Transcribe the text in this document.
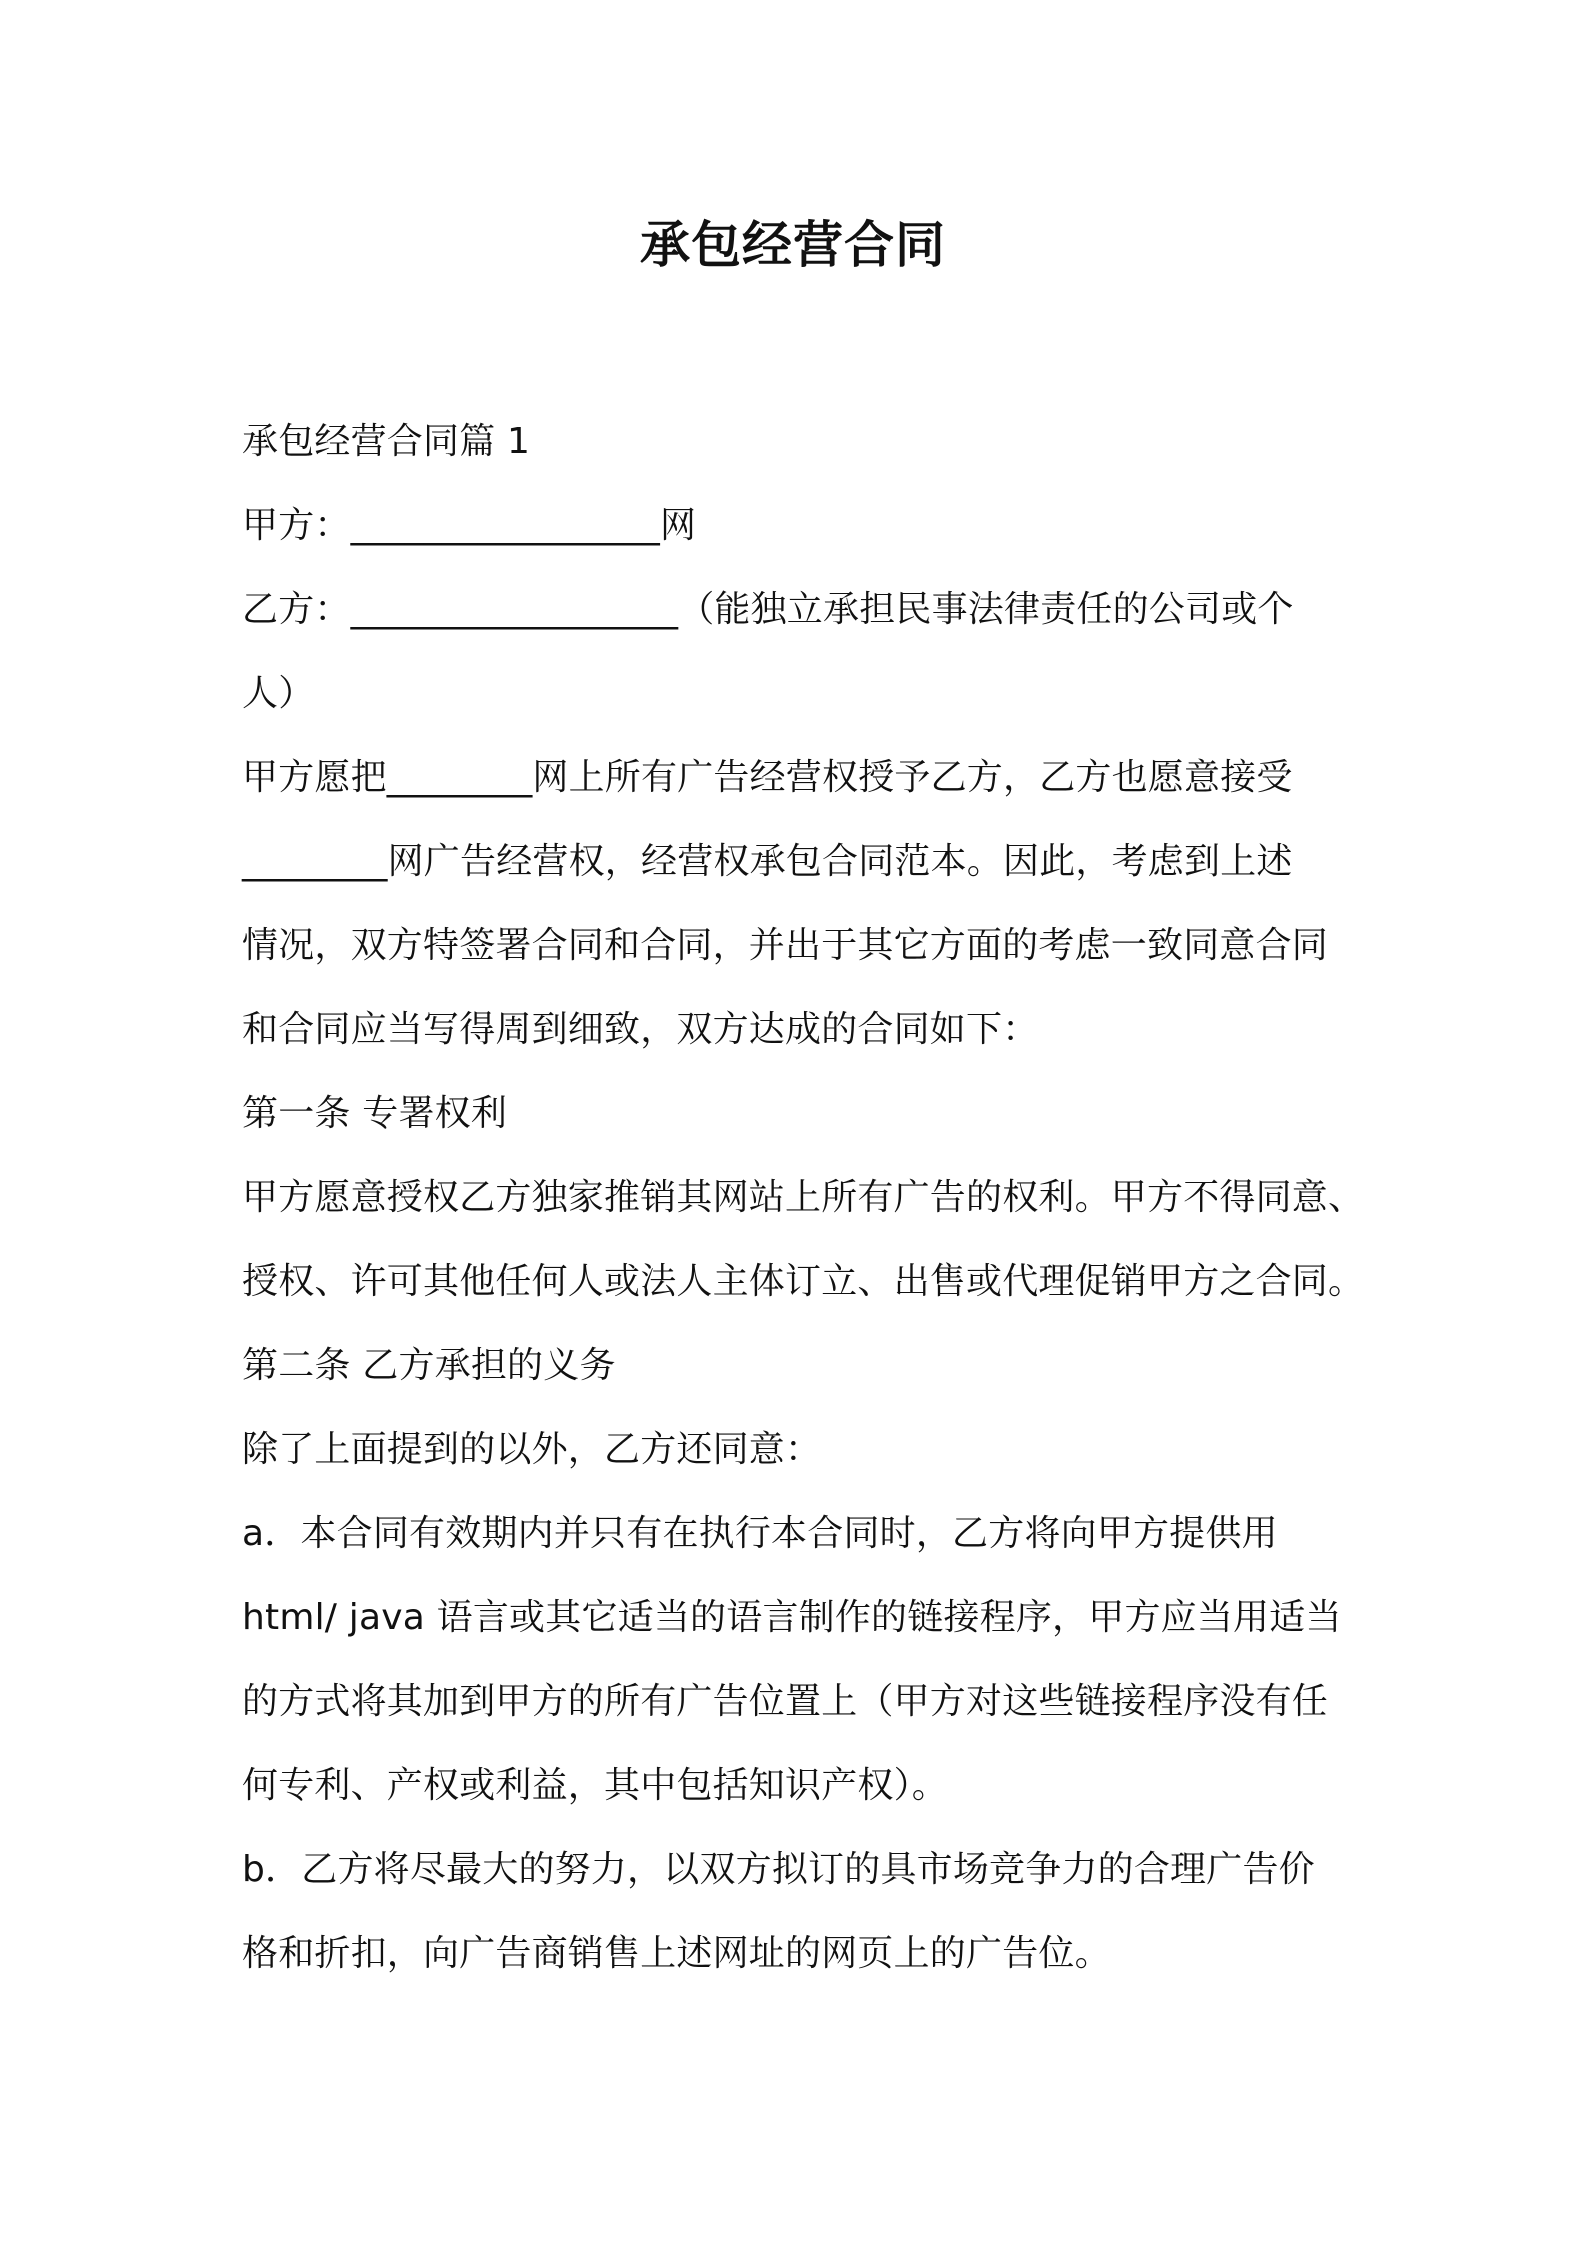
承包经营合同
承包经营合同篇 1
甲方：_________________网
乙方：__________________（能独立承担民事法律责任的公司或个
人）
甲方愿把________网上所有广告经营权授予乙方，乙方也愿意接受
________网广告经营权，经营权承包合同范本。因此，考虑到上述
情况，双方特签署合同和合同，并出于其它方面的考虑一致同意合同
和合同应当写得周到细致，双方达成的合同如下：
第一条 专署权利
甲方愿意授权乙方独家推销其网站上所有广告的权利。甲方不得同意、
授权、许可其他任何人或法人主体订立、出售或代理促销甲方之合同。
第二条 乙方承担的义务
除了上面提到的以外，乙方还同意：
a．本合同有效期内并只有在执行本合同时，乙方将向甲方提供用
html/ java 语言或其它适当的语言制作的链接程序，甲方应当用适当
的方式将其加到甲方的所有广告位置上（甲方对这些链接程序没有任
何专利、产权或利益，其中包括知识产权）。
b．乙方将尽最大的努力，以双方拟订的具市场竞争力的合理广告价
格和折扣，向广告商销售上述网址的网页上的广告位。
